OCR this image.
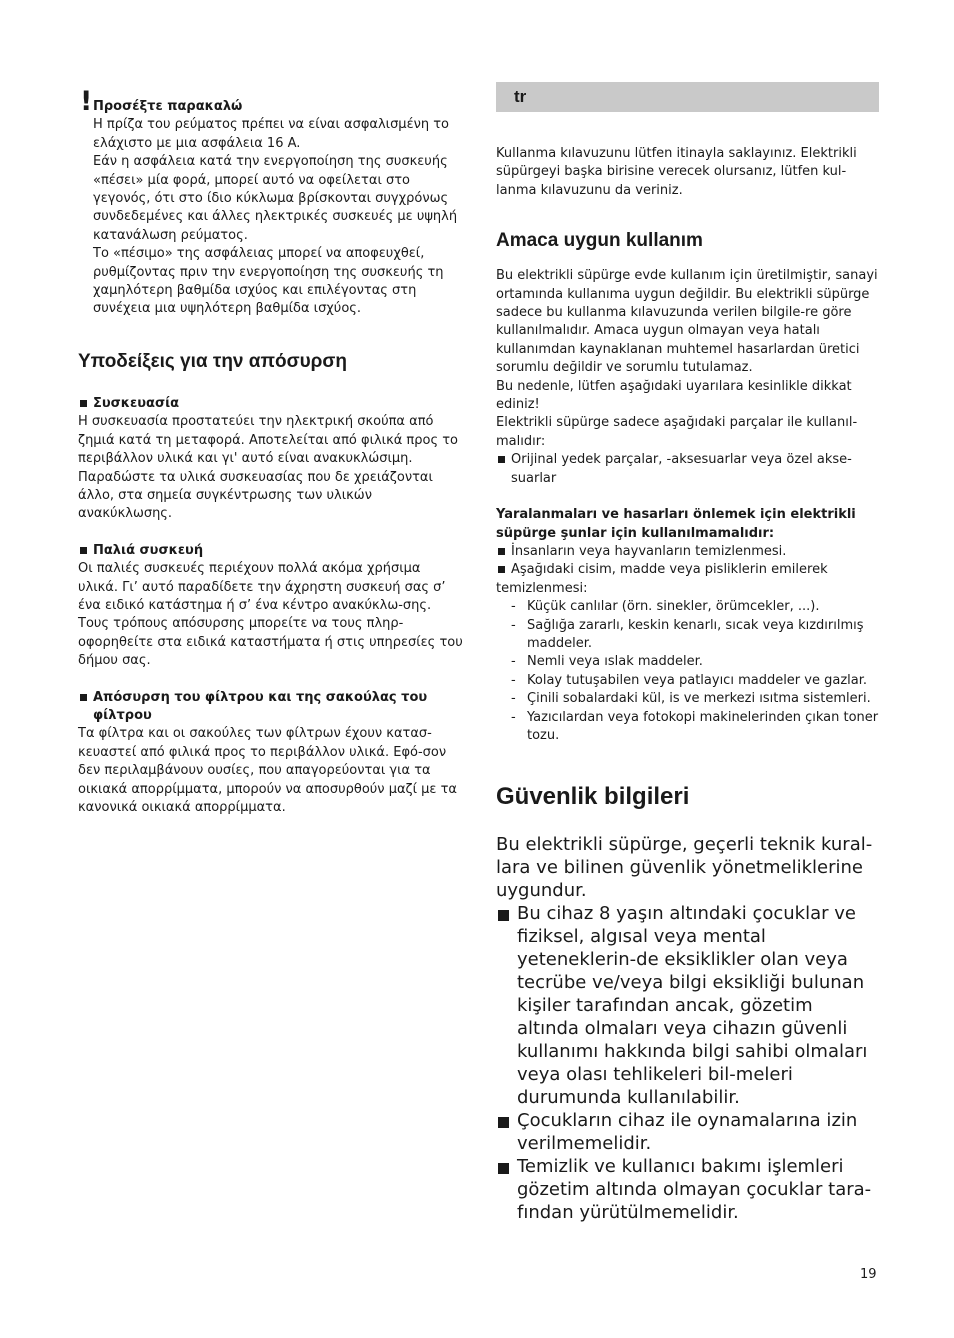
! Προσέξτε παρακαλώ

Η πρίζα του ρεύματος πρέπει να είναι ασφαλισμένη το ελάχιστο με μια ασφάλεια 16 A.

Εάν η ασφάλεια κατά την ενεργοποίηση της συσκευής «πέσει» μία φορά, μπορεί αυτό να οφείλεται στο γεγονός, ότι στο ίδιο κύκλωμα βρίσκονται συγχρόνως συνδεδεμένες και άλλες ηλεκτρικές συσκευές με υψηλή κατανάλωση ρεύματος.

Το «πέσιμο» της ασφάλειας μπορεί να αποφευχθεί, ρυθμίζοντας πριν την ενεργοποίηση της συσκευής τη χαμηλότερη βαθμίδα ισχύος και επιλέγοντας στη συνέχεια μια υψηλότερη βαθμίδα ισχύος.

Υποδείξεις για την απόσυρση
Συσκευασία

Η συσκευασία προστατεύει την ηλεκτρική σκούπα από ζημιά κατά τη μεταφορά. Αποτελείται από φιλικά προς το περιβάλλον υλικά και γι' αυτό είναι ανακυκλώσιμη. Παραδώστε τα υλικά συσκευασίας που δε χρειάζονται άλλο, στα σημεία συγκέντρωσης των υλικών ανακύκλωσης.

Παλιά συσκευή

Οι παλιές συσκευές περιέχουν πολλά ακόμα χρήσιμα υλικά. Γι’ αυτό παραδίδετε την άχρηστη συσκευή σας σ’ ένα ειδικό κατάστημα ή σ’ ένα κέντρο ανακύκλω-σης. Τους τρόπους απόσυρσης μπορείτε να τους πληρ-οφορηθείτε στα ειδικά καταστήματα ή στις υπηρεσίες του δήμου σας.

Απόσυρση του φίλτρου και της σακούλας του φίλτρου

Τα φίλτρα και οι σακούλες των φίλτρων έχουν κατασ-κευαστεί από φιλικά προς το περιβάλλον υλικά. Εφό-σον δεν περιλαμβάνουν ουσίες, που απαγορεύονται για τα οικιακά απορρίμματα, μπορούν να αποσυρθούν μαζί με τα κανονικά οικιακά απορρίμματα.

tr

Kullanma kılavuzunu lütfen itinayla saklayınız. Elektrikli süpürgeyi başka birisine verecek olursanız, lütfen kul-lanma kılavuzunu da veriniz.

Amaca uygun kullanım

Bu elektrikli süpürge evde kullanım için üretilmiştir, sanayi ortamında kullanıma uygun değildir. Bu elektrikli süpürge sadece bu kullanma kılavuzunda verilen bilgile-re göre kullanılmalıdır. Amaca uygun olmayan veya hatalı kullanımdan kaynaklanan muhtemel hasarlardan üretici sorumlu değildir ve sorumlu tutulamaz.

Bu nedenle, lütfen aşağıdaki uyarılara kesinlikle dikkat ediniz!

Elektrikli süpürge sadece aşağıdaki parçalar ile kullanıl-malıdır:

Orijinal yedek parçalar, -aksesuarlar veya özel akse-suarlar
Yaralanmaları ve hasarları önlemek için elektrikli süpürge şunlar için kullanılmamalıdır:
İnsanların veya hayvanların temizlenmesi.
Aşağıdaki cisim, madde veya pisliklerin emilerek temizlenmesi:
- Küçük canlılar (örn. sinekler, örümcekler, ...).
- Sağlığa zararlı, keskin kenarlı, sıcak veya kızdırılmış maddeler.
- Nemli veya ıslak maddeler.
- Kolay tutuşabilen veya patlayıcı maddeler ve gazlar.
- Çinili sobalardaki kül, is ve merkezi ısıtma sistemleri.
- Yazıcılardan veya fotokopi makinelerinden çıkan toner tozu.
Güvenlik bilgileri

Bu elektrikli süpürge, geçerli teknik kural-lara ve bilinen güvenlik yönetmeliklerine uygundur.

Bu cihaz 8 yaşın altındaki çocuklar ve fiziksel, algısal veya mental yeteneklerin-de eksiklikler olan veya tecrübe ve/veya bilgi eksikliği bulunan kişiler tarafından ancak, gözetim altında olmaları veya cihazın güvenli kullanımı hakkında bilgi sahibi olmaları veya olası tehlikeleri bil-meleri durumunda kullanılabilir.
Çocukların cihaz ile oynamalarına izin verilmemelidir.
Temizlik ve kullanıcı bakımı işlemleri gözetim altında olmayan çocuklar tara-fından yürütülmemelidir.
19
